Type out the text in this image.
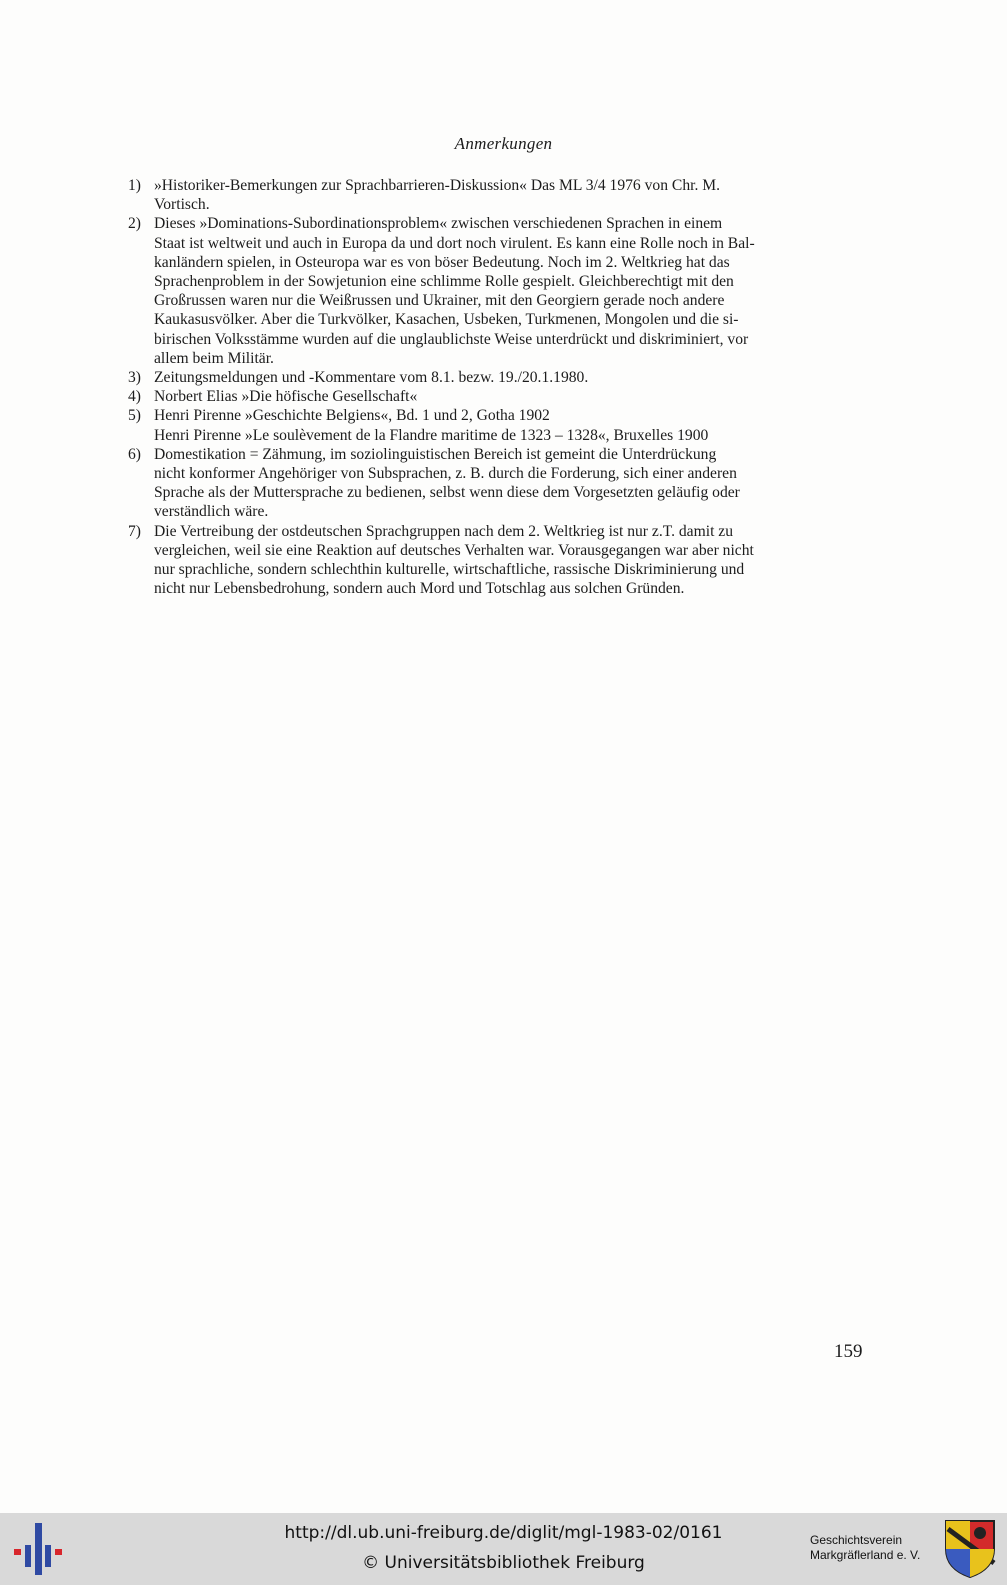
Anmerkungen
1) »Historiker-Bemerkungen zur Sprachbarrieren-Diskussion« Das ML 3/4 1976 von Chr. M.
Vortisch.
2) Dieses »Dominations-Subordinationsproblem« zwischen verschiedenen Sprachen in einem
Staat ist weltweit und auch in Europa da und dort noch virulent. Es kann eine Rolle noch in Bal-
kanländern spielen, in Osteuropa war es von böser Bedeutung. Noch im 2. Weltkrieg hat das
Sprachenproblem in der Sowjetunion eine schlimme Rolle gespielt. Gleichberechtigt mit den
Großrussen waren nur die Weißrussen und Ukrainer, mit den Georgiern gerade noch andere
Kaukasusvölker. Aber die Turkvölker, Kasachen, Usbeken, Turkmenen, Mongolen und die si-
birischen Volksstämme wurden auf die unglaublichste Weise unterdrückt und diskriminiert, vor
allem beim Militär.
3) Zeitungsmeldungen und -Kommentare vom 8.1. bezw. 19./20.1.1980.
4) Norbert Elias »Die höfische Gesellschaft«
5) Henri Pirenne »Geschichte Belgiens«, Bd. 1 und 2, Gotha 1902
Henri Pirenne »Le soulèvement de la Flandre maritime de 1323 – 1328«, Bruxelles 1900
6) Domestikation = Zähmung, im soziolinguistischen Bereich ist gemeint die Unterdrückung
nicht konformer Angehöriger von Subsprachen, z. B. durch die Forderung, sich einer anderen
Sprache als der Muttersprache zu bedienen, selbst wenn diese dem Vorgesetzten geläufig oder
verständlich wäre.
7) Die Vertreibung der ostdeutschen Sprachgruppen nach dem 2. Weltkrieg ist nur z.T. damit zu
vergleichen, weil sie eine Reaktion auf deutsches Verhalten war. Vorausgegangen war aber nicht
nur sprachliche, sondern schlechthin kulturelle, wirtschaftliche, rassische Diskriminierung und
nicht nur Lebensbedrohung, sondern auch Mord und Totschlag aus solchen Gründen.
159
http://dl.ub.uni-freiburg.de/diglit/mgl-1983-02/0161
© Universitätsbibliothek Freiburg
Geschichtsverein
Markgräflerland e. V.
